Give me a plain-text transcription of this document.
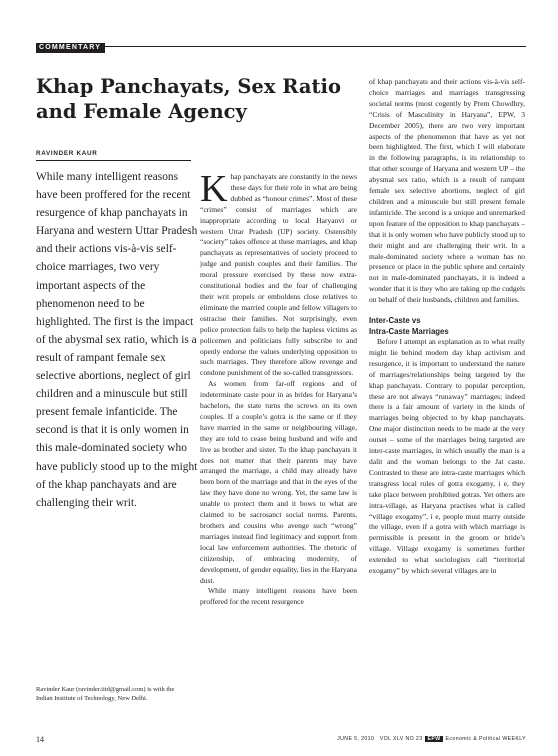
COMMENTARY
Khap Panchayats, Sex Ratio and Female Agency
RAVINDER KAUR

While many intelligent reasons have been proffered for the recent resurgence of khap panchayats in Haryana and western Uttar Pradesh and their actions vis-à-vis self-choice marriages, two very important aspects of the phenomenon need to be highlighted. The first is the impact of the abysmal sex ratio, which is a result of rampant female sex selective abortions, neglect of girl children and a minuscule but still present female infanticide. The second is that it is only women in this male-dominated society who have publicly stood up to the might of the khap panchayats and are challenging their writ.

Ravinder Kaur (ravinder.iitd@gmail.com) is with the Indian Institute of Technology, New Delhi.

Khap panchayats are constantly in the news these days for their role in what are being dubbed as “honour crimes”. Most of these “crimes” consist of marriages which are inappropriate according to local Haryanvi or western Uttar Pradesh (UP) society. Ostensibly “society” takes offence at these marriages, and khap panchayats as representatives of society proceed to judge and punish couples and their families. The moral pressure exercised by these now extra-constitutional bodies and the fear of challenging their writ propels or emboldens close relatives to eliminate the married couple and fellow villagers to ostracise their families. Not surprisingly, even police protection fails to help the hapless victims as policemen and politicians fully subscribe to and openly endorse the values underlying opposition to such marriages. They therefore allow revenge and condone punishment of the so-called transgressors.

As women from far-off regions and of indeterminate caste pour in as brides for Haryana’s bachelors, the state turns the screws on its own couples. If a couple’s gotra is the same or if they have married in the same or neighbouring village, they are told to cease being husband and wife and live as brother and sister. To the khap panchayats it does not matter that their parents may have arranged the marriage, a child may already have been born of the marriage and that in the eyes of the law they have done no wrong. Yet, the same law is unable to protect them and it bows to what are claimed to be sacrosanct social norms. Parents, brothers and cousins who avenge such “wrong” marriages instead find legitimacy and support from local law enforcement authorities. The rhetoric of citizenship, of embracing modernity, of development, of gender equality, lies in the Haryana dust.

While many intelligent reasons have been proffered for the recent resurgence

of khap panchayats and their actions vis-à-vis self-choice marriages and marriages transgressing societal norms (most cogently by Prem Chowdhry, “Crisis of Masculinity in Haryana”, EPW, 3 December 2005), there are two very important aspects of the phenomenon that have as yet not been highlighted. The first, which I will elaborate in the following paragraphs, is its relationship to that other scourge of Haryana and western UP – the abysmal sex ratio, which is a result of rampant female sex selective abortions, neglect of girl children and a minuscule but still present female infanticide. The second is a unique and unremarked upon feature of the opposition to khap panchayats – that it is only women who have publicly stood up to their might and are challenging their writ. In a male-dominated society where a woman has no presence or place in the public sphere and certainly not in male-dominated panchayats, it is indeed a wonder that it is they who are taking up the cudgels on behalf of their husbands, children and families.

Inter-Caste vs
Intra-Caste Marriages

Before I attempt an explanation as to what really might lie behind modern day khap activism and resurgence, it is important to understand the nature of marriages/relationships being targeted by the khap panchayats. Contrary to popular perception, these are not always “runaway” marriages; indeed there is a fair amount of variety in the kinds of marriages being objected to by khap panchayats. One major distinction needs to be made at the very outset – some of the marriages being targeted are inter-caste marriages, in which usually the man is a dalit and the woman belongs to the Jat caste. Contrasted to these are intra-caste marriages which transgress local rules of gotra exogamy, i e, they take place between prohibited gotras. Yet others are intra-village, as Haryana practises what is called “village exogamy”, i e, people must marry outside the village, even if a gotra with which marriage is permissible is present in the groom or bride’s village. Village exogamy is sometimes further extended to what sociologists call “territorial exogamy” by which several villages are in

14	JUNE 5, 2010 VOL XLV NO 23 EPW Economic & Political WEEKLY
